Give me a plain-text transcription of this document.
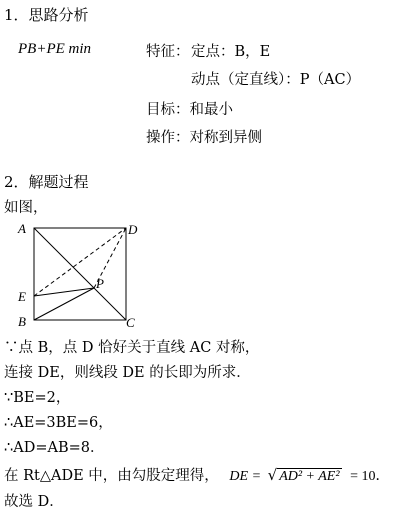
1．思路分析
PB+PE min	特征： 定点：B，E
动点（定直线）：P（AC）
目标：和最小
操作：对称到异侧
2．解题过程
如图，
A	D
P
E
B	C
∵点 B，点 D 恰好关于直线 AC 对称，
连接 DE，则线段 DE 的长即为所求．
∵BE=2，
∴AE=3BE=6，
∴AD=AB=8．
在 Rt△ADE 中，由勾股定理得， DE = √ AD² + AE² = 10．
故选 D．
